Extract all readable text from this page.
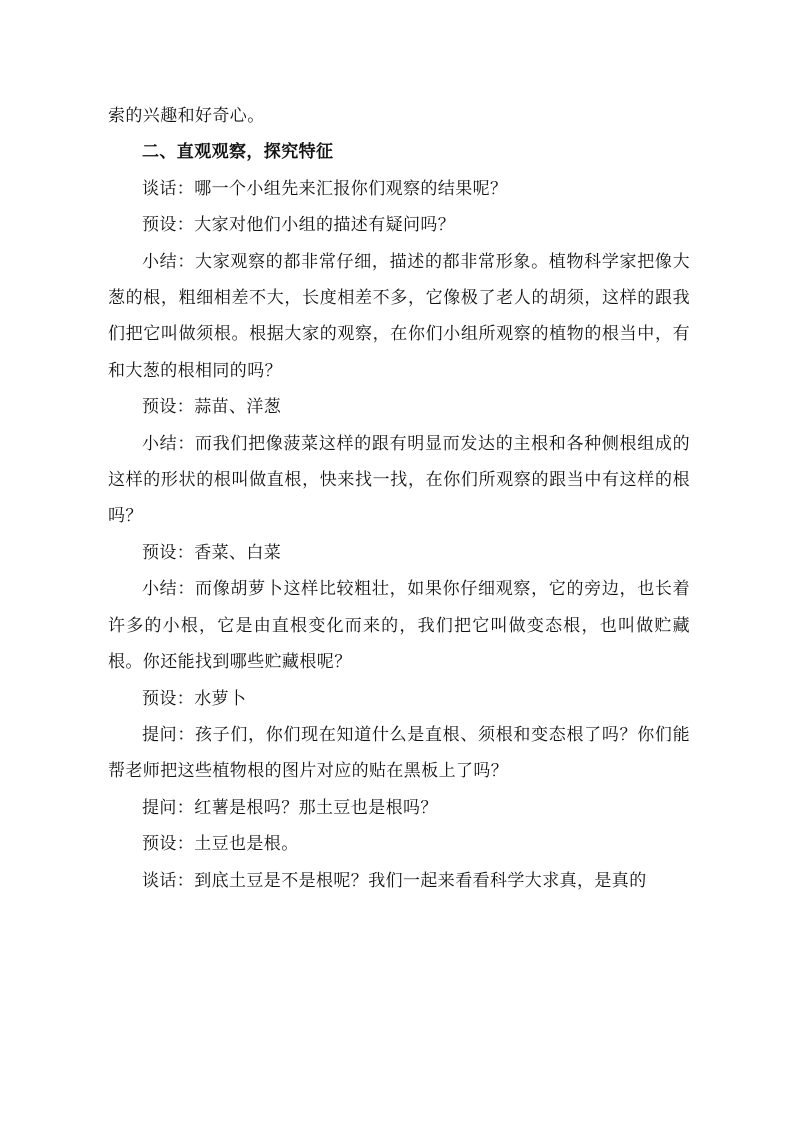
索的兴趣和好奇心。

二、直观观察，探究特征

谈话：哪一个小组先来汇报你们观察的结果呢？

预设：大家对他们小组的描述有疑问吗？

小结：大家观察的都非常仔细，描述的都非常形象。植物科学家把像大葱的根，粗细相差不大，长度相差不多，它像极了老人的胡须，这样的跟我们把它叫做须根。根据大家的观察，在你们小组所观察的植物的根当中，有和大葱的根相同的吗？

预设：蒜苗、洋葱

小结：而我们把像菠菜这样的跟有明显而发达的主根和各种侧根组成的这样的形状的根叫做直根，快来找一找，在你们所观察的跟当中有这样的根吗？

预设：香菜、白菜

小结：而像胡萝卜这样比较粗壮，如果你仔细观察，它的旁边，也长着许多的小根，它是由直根变化而来的，我们把它叫做变态根，也叫做贮藏根。你还能找到哪些贮藏根呢？

预设：水萝卜

提问：孩子们，你们现在知道什么是直根、须根和变态根了吗？你们能帮老师把这些植物根的图片对应的贴在黑板上了吗？

提问：红薯是根吗？那土豆也是根吗？

预设：土豆也是根。

谈话：到底土豆是不是根呢？我们一起来看看科学大求真，是真的
